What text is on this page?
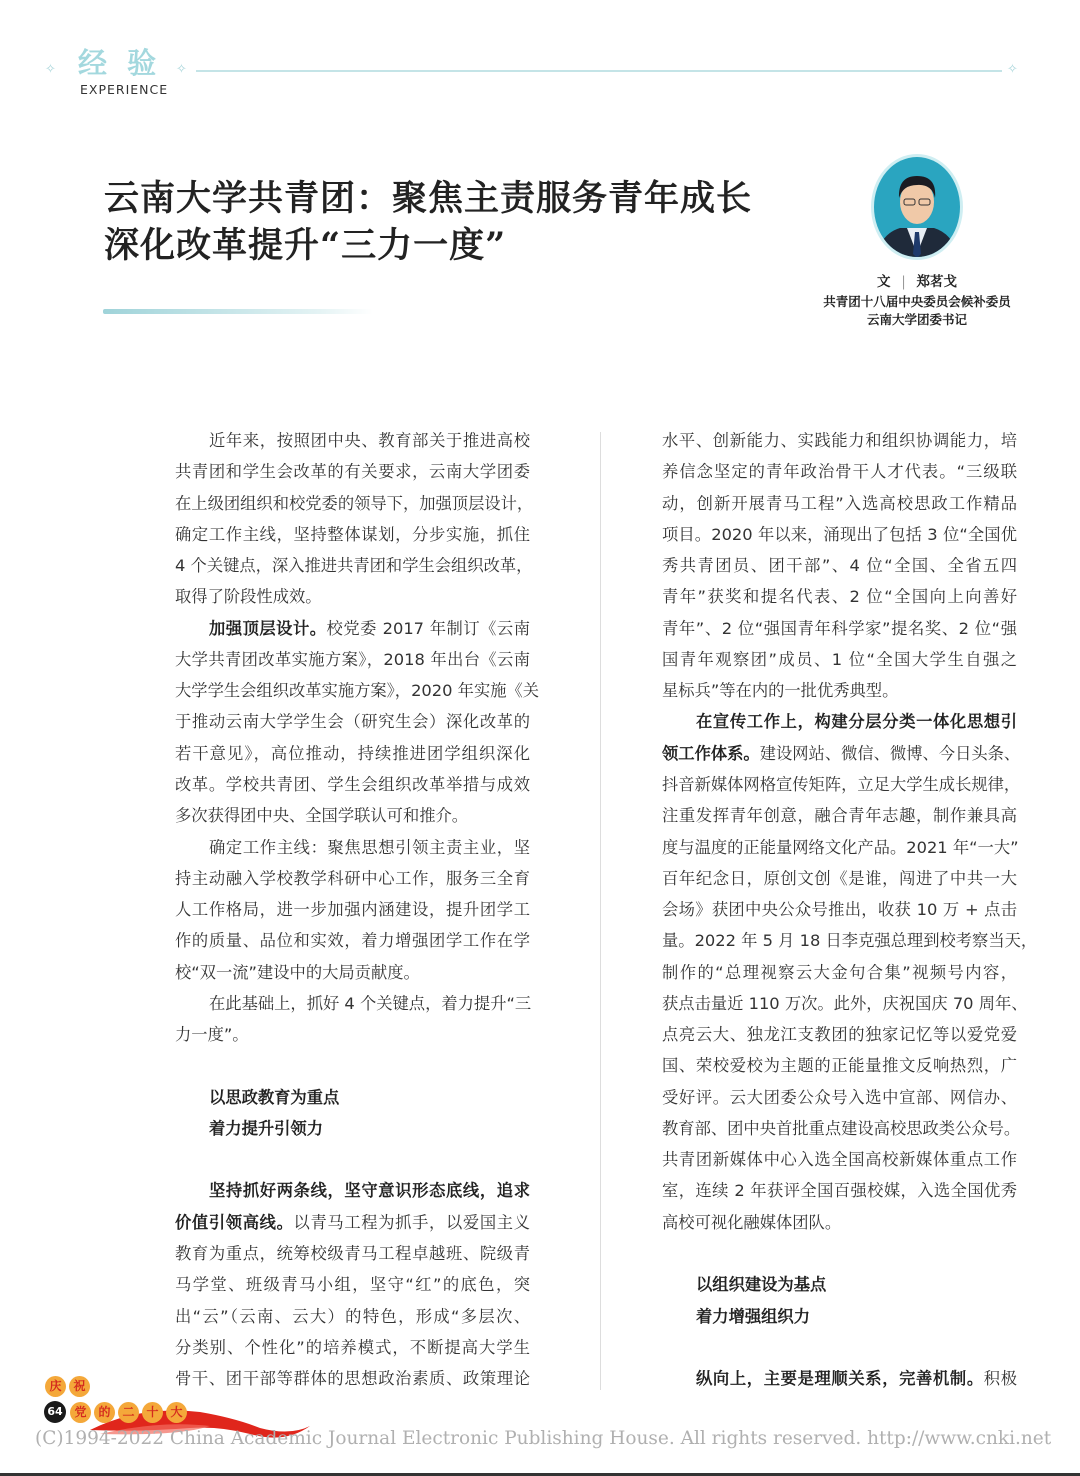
✧ 经 验
EXPERIENCE
✧	✧
云南大学共青团：聚焦主责服务青年成长
深化改革提升“三力一度”
文 | 郑茗戈
共青团十八届中央委员会候补委员
云南大学团委书记
近年来，按照团中央、教育部关于推进高校
共青团和学生会改革的有关要求，云南大学团委
在上级团组织和校党委的领导下，加强顶层设计，
确定工作主线，坚持整体谋划，分步实施，抓住
4 个关键点，深入推进共青团和学生会组织改革，
取得了阶段性成效。
加强顶层设计。校党委 2017 年制订《云南
大学共青团改革实施方案》，2018 年出台《云南
大学学生会组织改革实施方案》，2020 年实施《关
于推动云南大学学生会（研究生会）深化改革的
若干意见》，高位推动，持续推进团学组织深化
改革。学校共青团、学生会组织改革举措与成效
多次获得团中央、全国学联认可和推介。
确定工作主线：聚焦思想引领主责主业，坚
持主动融入学校教学科研中心工作，服务三全育
人工作格局，进一步加强内涵建设，提升团学工
作的质量、品位和实效，着力增强团学工作在学
校“双一流”建设中的大局贡献度。
在此基础上，抓好 4 个关键点，着力提升“三
力一度”。
以思政教育为重点
着力提升引领力
坚持抓好两条线，坚守意识形态底线，追求
价值引领高线。以青马工程为抓手，以爱国主义
教育为重点，统筹校级青马工程卓越班、院级青
马学堂、班级青马小组，坚守“红”的底色，突
出“云”（云南、云大）的特色，形成“多层次、
分类别、个性化”的培养模式，不断提高大学生
骨干、团干部等群体的思想政治素质、政策理论
水平、创新能力、实践能力和组织协调能力，培
养信念坚定的青年政治骨干人才代表。“三级联
动，创新开展青马工程”入选高校思政工作精品
项目。2020 年以来，涌现出了包括 3 位“全国优
秀共青团员、团干部”、4 位“全国、全省五四
青年”获奖和提名代表、2 位“全国向上向善好
青年”、2 位“强国青年科学家”提名奖、2 位“强
国青年观察团”成员、1 位“全国大学生自强之
星标兵”等在内的一批优秀典型。
在宣传工作上，构建分层分类一体化思想引
领工作体系。建设网站、微信、微博、今日头条、
抖音新媒体网格宣传矩阵，立足大学生成长规律，
注重发挥青年创意，融合青年志趣，制作兼具高
度与温度的正能量网络文化产品。2021 年“一大”
百年纪念日，原创文创《是谁，闯进了中共一大
会场》获团中央公众号推出，收获 10 万 + 点击
量。2022 年 5 月 18 日李克强总理到校考察当天，
制作的“总理视察云大金句合集”视频号内容，
获点击量近 110 万次。此外，庆祝国庆 70 周年、
点亮云大、独龙江支教团的独家记忆等以爱党爱
国、荣校爱校为主题的正能量推文反响热烈，广
受好评。云大团委公众号入选中宣部、网信办、
教育部、团中央首批重点建设高校思政类公众号。
共青团新媒体中心入选全国高校新媒体重点工作
室，连续 2 年获评全国百强校媒，入选全国优秀
高校可视化融媒体团队。
以组织建设为基点
着力增强组织力
纵向上，主要是理顺关系，完善机制。积极
庆 祝
64 党 的 二 十 大
(C)1994-2022 China Academic Journal Electronic Publishing House. All rights reserved. http://www.cnki.net
